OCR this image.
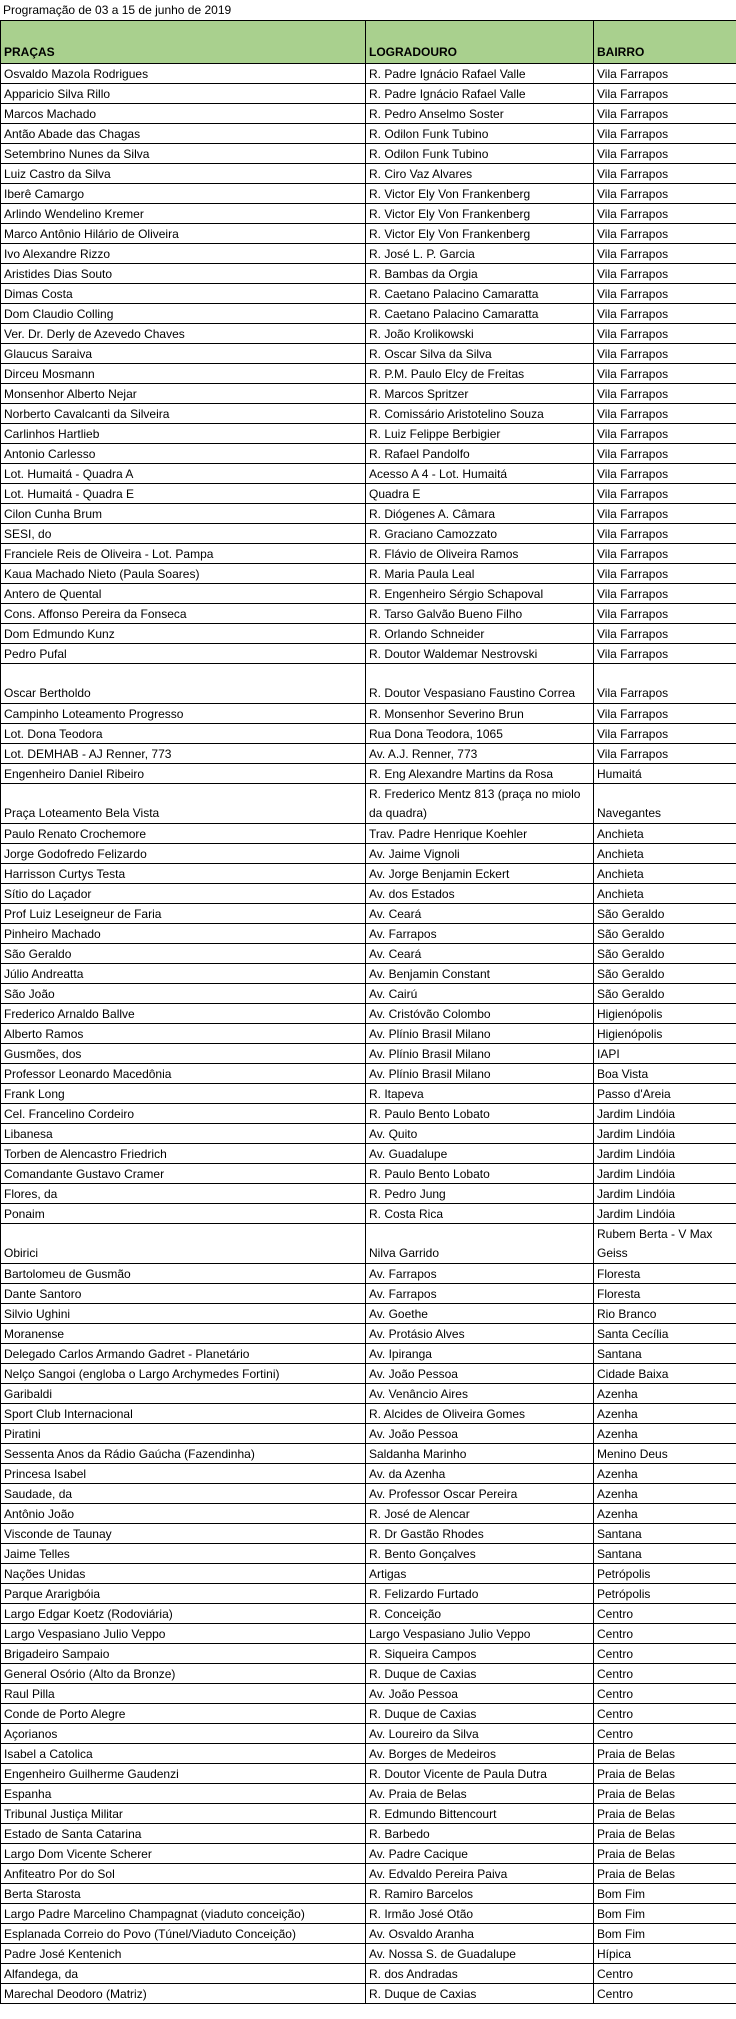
Programação de 03 a 15 de junho de 2019
PRAÇAS	LOGRADOURO	BAIRRO
Osvaldo Mazola Rodrigues	R. Padre Ignácio Rafael Valle	Vila Farrapos
Apparicio Silva Rillo	R. Padre Ignácio Rafael Valle	Vila Farrapos
Marcos Machado	R. Pedro Anselmo Soster	Vila Farrapos
Antão Abade das Chagas	R. Odilon Funk Tubino	Vila Farrapos
Setembrino Nunes da Silva	R. Odilon Funk Tubino	Vila Farrapos
Luiz Castro da Silva	R. Ciro Vaz Alvares	Vila Farrapos
Iberê Camargo	R. Victor Ely Von Frankenberg	Vila Farrapos
Arlindo Wendelino Kremer	R. Victor Ely Von Frankenberg	Vila Farrapos
Marco Antônio Hilário de Oliveira	R. Victor Ely Von Frankenberg	Vila Farrapos
Ivo Alexandre Rizzo	R. José L. P. Garcia	Vila Farrapos
Aristides Dias Souto	R. Bambas da Orgia	Vila Farrapos
Dimas Costa	R. Caetano Palacino Camaratta	Vila Farrapos
Dom Claudio Colling	R. Caetano Palacino Camaratta	Vila Farrapos
Ver. Dr. Derly de Azevedo Chaves	R. João Krolikowski	Vila Farrapos
Glaucus Saraiva	R. Oscar Silva da Silva	Vila Farrapos
Dirceu Mosmann	R. P.M. Paulo Elcy de Freitas	Vila Farrapos
Monsenhor Alberto Nejar	R. Marcos Spritzer	Vila Farrapos
Norberto Cavalcanti da Silveira	R. Comissário Aristotelino Souza	Vila Farrapos
Carlinhos Hartlieb	R. Luiz Felippe Berbigier	Vila Farrapos
Antonio Carlesso	R. Rafael Pandolfo	Vila Farrapos
Lot. Humaitá - Quadra A	Acesso A 4 - Lot. Humaitá	Vila Farrapos
Lot. Humaitá - Quadra E	Quadra E	Vila Farrapos
Cilon Cunha Brum	R. Diógenes A. Câmara	Vila Farrapos
SESI, do	R. Graciano Camozzato	Vila Farrapos
Franciele Reis de Oliveira - Lot. Pampa	R. Flávio de Oliveira Ramos	Vila Farrapos
Kaua Machado Nieto (Paula Soares)	R. Maria Paula Leal	Vila Farrapos
Antero de Quental	R. Engenheiro Sérgio Schapoval	Vila Farrapos
Cons. Affonso Pereira da Fonseca	R. Tarso Galvão Bueno Filho	Vila Farrapos
Dom Edmundo Kunz	R. Orlando Schneider	Vila Farrapos
Pedro Pufal	R. Doutor Waldemar Nestrovski	Vila Farrapos
Oscar Bertholdo	R. Doutor Vespasiano Faustino Correa	Vila Farrapos
Campinho Loteamento Progresso	R. Monsenhor Severino Brun	Vila Farrapos
Lot. Dona Teodora	Rua Dona Teodora, 1065	Vila Farrapos
Lot. DEMHAB - AJ Renner, 773	Av. A.J. Renner, 773	Vila Farrapos
Engenheiro Daniel Ribeiro	R. Eng Alexandre Martins da Rosa	Humaitá
Praça Loteamento Bela Vista	R. Frederico Mentz 813 (praça no miolo da quadra)	Navegantes
Paulo Renato Crochemore	Trav. Padre Henrique Koehler	Anchieta
Jorge Godofredo Felizardo	Av. Jaime Vignoli	Anchieta
Harrisson Curtys Testa	Av. Jorge Benjamin Eckert	Anchieta
Sítio do Laçador	Av. dos Estados	Anchieta
Prof Luiz Leseigneur de Faria	Av. Ceará	São Geraldo
Pinheiro Machado	Av. Farrapos	São Geraldo
São Geraldo	Av. Ceará	São Geraldo
Júlio Andreatta	Av. Benjamin Constant	São Geraldo
São João	Av. Cairú	São Geraldo
Frederico Arnaldo Ballve	Av. Cristóvão Colombo	Higienópolis
Alberto Ramos	Av. Plínio Brasil Milano	Higienópolis
Gusmões, dos	Av. Plínio Brasil Milano	IAPI
Professor Leonardo Macedônia	Av. Plínio Brasil Milano	Boa Vista
Frank Long	R. Itapeva	Passo d'Areia
Cel. Francelino Cordeiro	R. Paulo Bento Lobato	Jardim Lindóia
Libanesa	Av. Quito	Jardim Lindóia
Torben de Alencastro Friedrich	Av. Guadalupe	Jardim Lindóia
Comandante Gustavo Cramer	R. Paulo Bento Lobato	Jardim Lindóia
Flores, da	R. Pedro Jung	Jardim Lindóia
Ponaim	R. Costa Rica	Jardim Lindóia
Obirici	Nilva Garrido	Rubem Berta - V Max Geiss
Bartolomeu de Gusmão	Av. Farrapos	Floresta
Dante Santoro	Av. Farrapos	Floresta
Silvio Ughini	Av. Goethe	Rio Branco
Moranense	Av. Protásio Alves	Santa Cecília
Delegado Carlos Armando Gadret - Planetário	Av. Ipiranga	Santana
Nelço Sangoi (engloba o Largo Archymedes Fortini)	Av. João Pessoa	Cidade Baixa
Garibaldi	Av. Venâncio Aires	Azenha
Sport Club Internacional	R. Alcides de Oliveira Gomes	Azenha
Piratini	Av. João Pessoa	Azenha
Sessenta Anos da Rádio Gaúcha (Fazendinha)	Saldanha Marinho	Menino Deus
Princesa Isabel	Av. da Azenha	Azenha
Saudade, da	Av. Professor Oscar Pereira	Azenha
Antônio João	R. José de Alencar	Azenha
Visconde de Taunay	R. Dr Gastão Rhodes	Santana
Jaime Telles	R. Bento Gonçalves	Santana
Nações Unidas	Artigas	Petrópolis
Parque Ararigbóia	R. Felizardo Furtado	Petrópolis
Largo Edgar Koetz (Rodoviária)	R. Conceição	Centro
Largo Vespasiano Julio Veppo	Largo Vespasiano Julio Veppo	Centro
Brigadeiro Sampaio	R. Siqueira Campos	Centro
General Osório (Alto da Bronze)	R. Duque de Caxias	Centro
Raul Pilla	Av. João Pessoa	Centro
Conde de Porto Alegre	R. Duque de Caxias	Centro
Açorianos	Av. Loureiro da Silva	Centro
Isabel a Catolica	Av. Borges de Medeiros	Praia de Belas
Engenheiro Guilherme Gaudenzi	R. Doutor Vicente de Paula Dutra	Praia de Belas
Espanha	Av. Praia de Belas	Praia de Belas
Tribunal Justiça Militar	R. Edmundo Bittencourt	Praia de Belas
Estado de Santa Catarina	R. Barbedo	Praia de Belas
Largo Dom Vicente Scherer	Av. Padre Cacique	Praia de Belas
Anfiteatro Por do Sol	Av. Edvaldo Pereira Paiva	Praia de Belas
Berta Starosta	R. Ramiro Barcelos	Bom Fim
Largo Padre Marcelino Champagnat (viaduto conceição)	R. Irmão José Otão	Bom Fim
Esplanada Correio do Povo (Túnel/Viaduto Conceição)	Av. Osvaldo Aranha	Bom Fim
Padre José Kentenich	Av. Nossa S. de Guadalupe	Hípica
Alfandega, da	R. dos Andradas	Centro
Marechal Deodoro (Matriz)	R. Duque de Caxias	Centro
